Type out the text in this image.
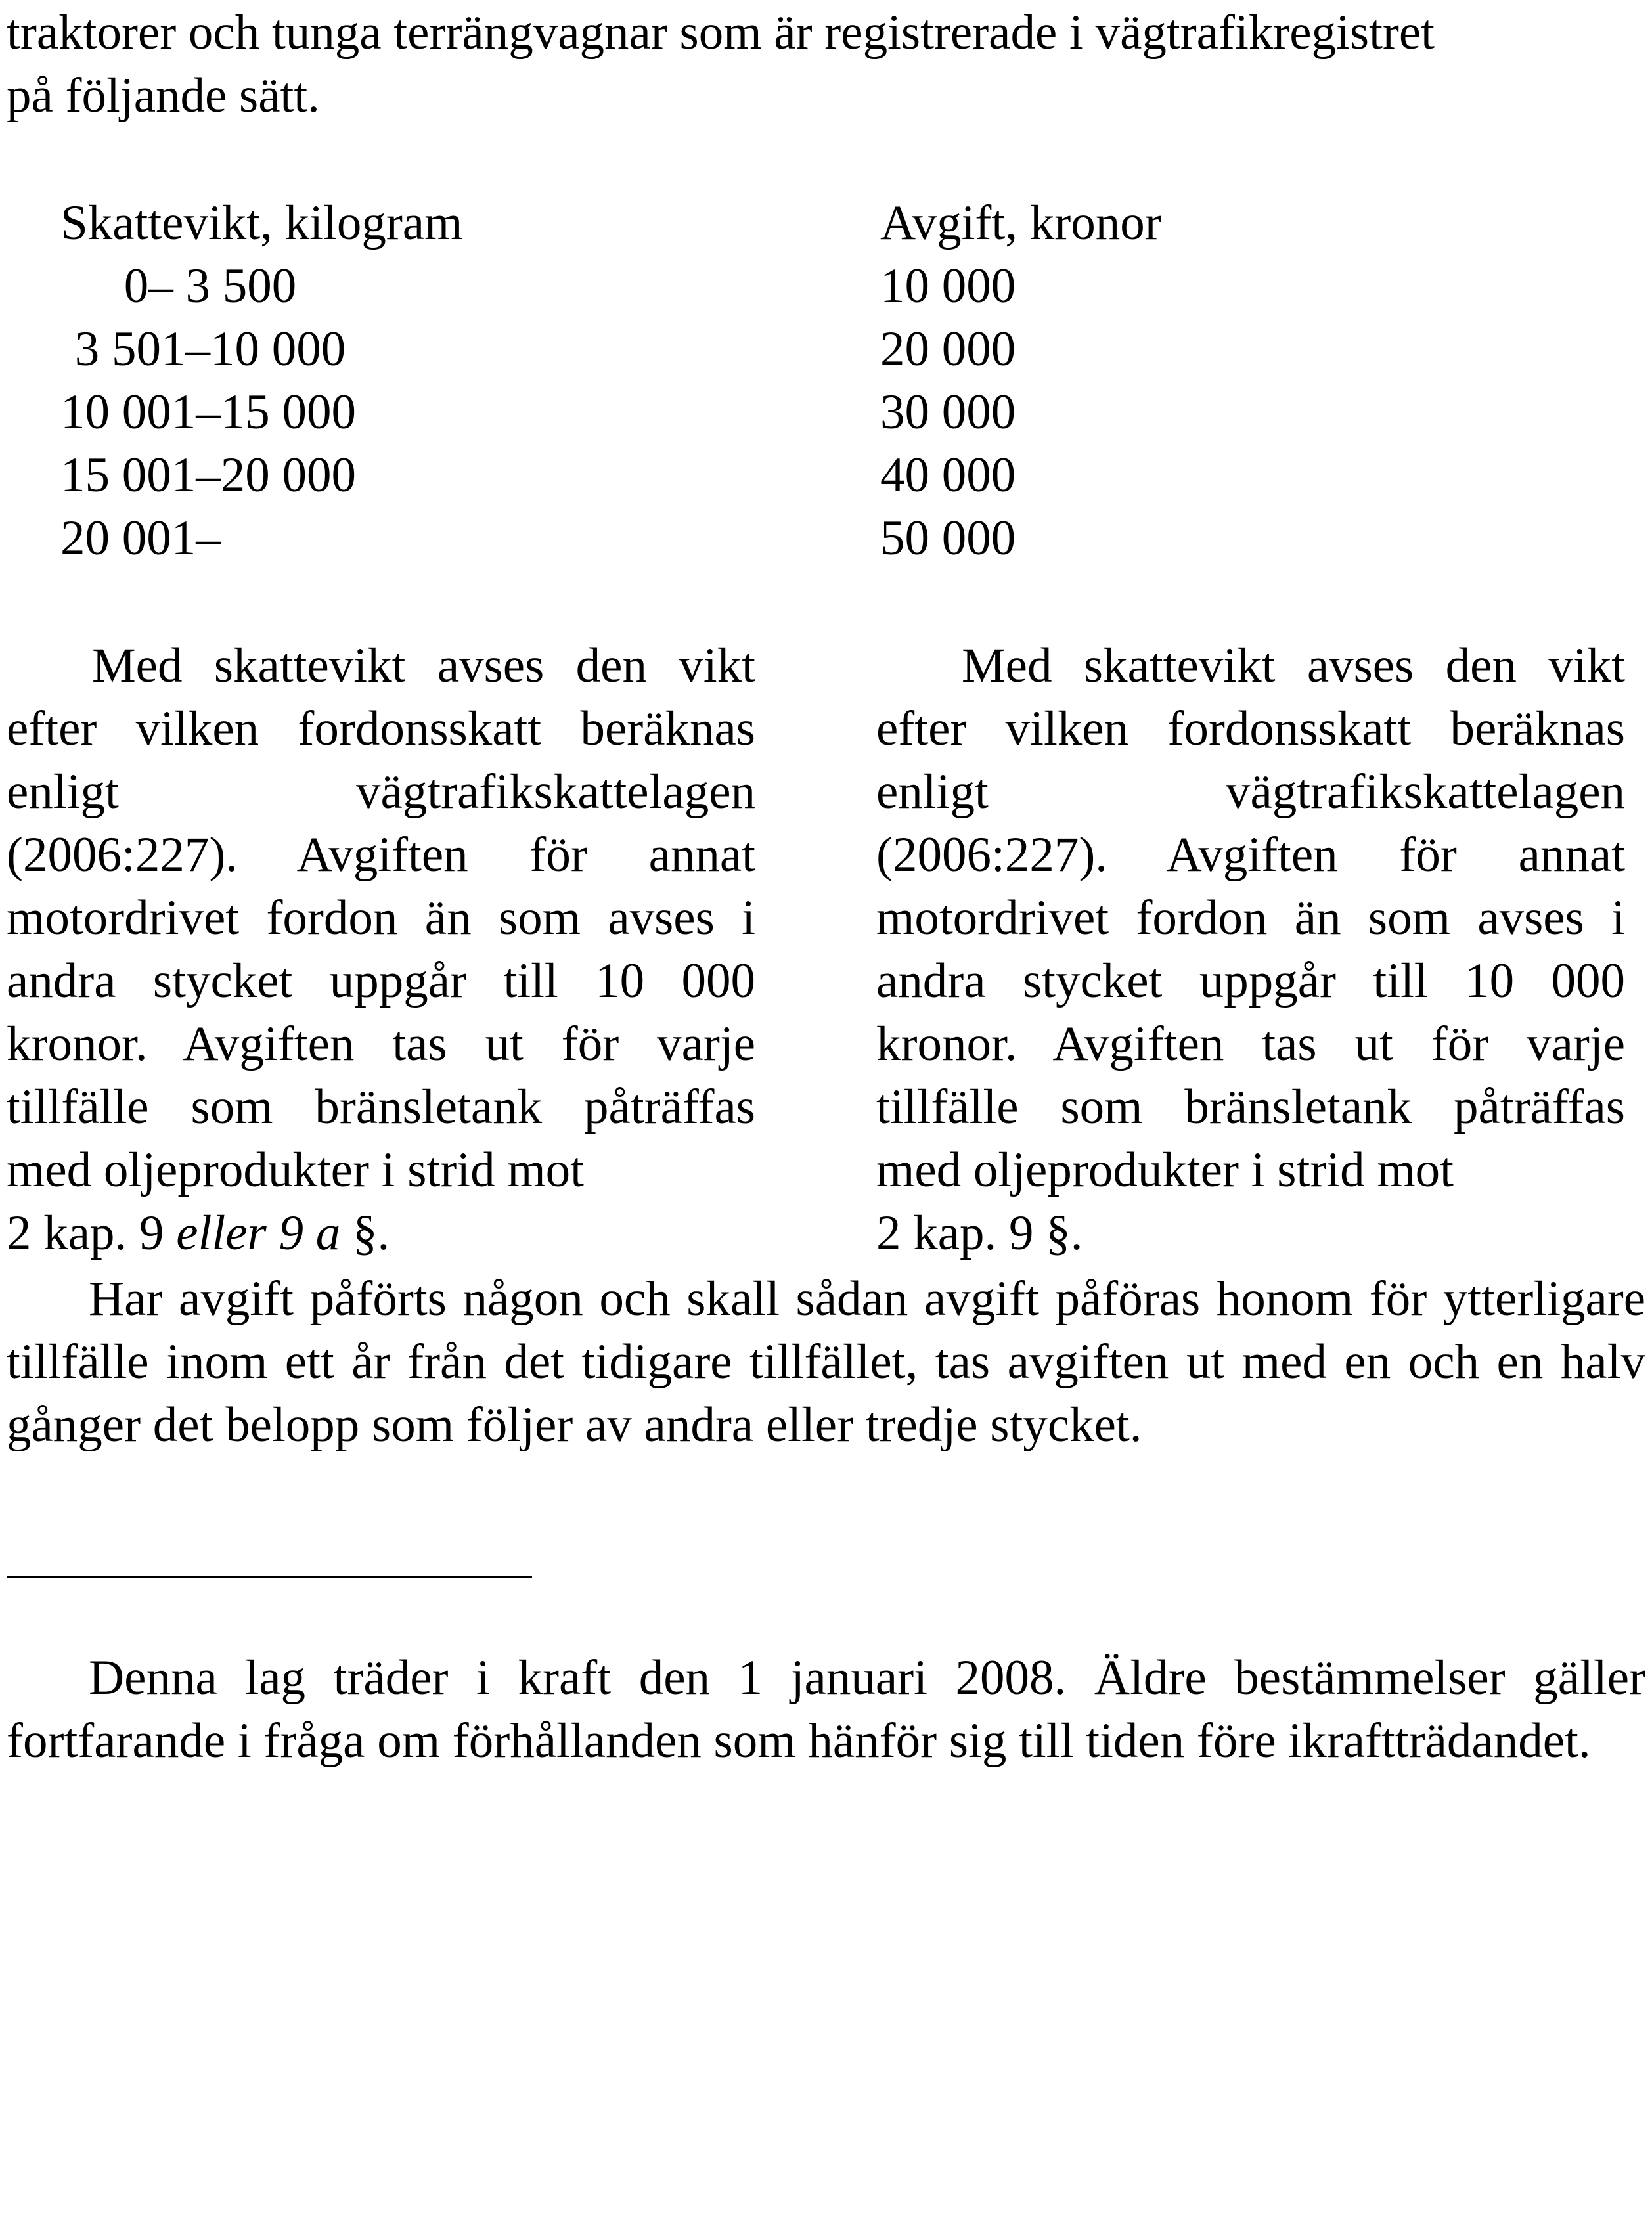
traktorer och tunga terrängvagnar som är registrerade i vägtrafikregistret
på följande sätt.
Skattevikt, kilogram	Avgift, kronor
0– 3 500	10 000
3 501–10 000	20 000
10 001–15 000	30 000
15 001–20 000	40 000
20 001–	50 000

Med skattevikt avses den vikt efter vilken fordonsskatt beräknas enligt vägtrafikskattelagen (2006:227). Avgiften för annat motordrivet fordon än som avses i andra stycket uppgår till 10 000 kronor. Avgiften tas ut för varje tillfälle som bränsletank påträffas med oljeprodukter i strid mot

2 kap. 9 eller 9 a §.

Med skattevikt avses den vikt efter vilken fordonsskatt beräknas enligt vägtrafikskattelagen (2006:227). Avgiften för annat motordrivet fordon än som avses i andra stycket uppgår till 10 000 kronor. Avgiften tas ut för varje tillfälle som bränsletank påträffas med oljeprodukter i strid mot

2 kap. 9 §.

Har avgift påförts någon och skall sådan avgift påföras honom för ytterligare tillfälle inom ett år från det tidigare tillfället, tas avgiften ut med en och en halv gånger det belopp som följer av andra eller tredje stycket.

Denna lag träder i kraft den 1 januari 2008. Äldre bestämmelser gäller fortfarande i fråga om förhållanden som hänför sig till tiden före ikraftträdandet.
